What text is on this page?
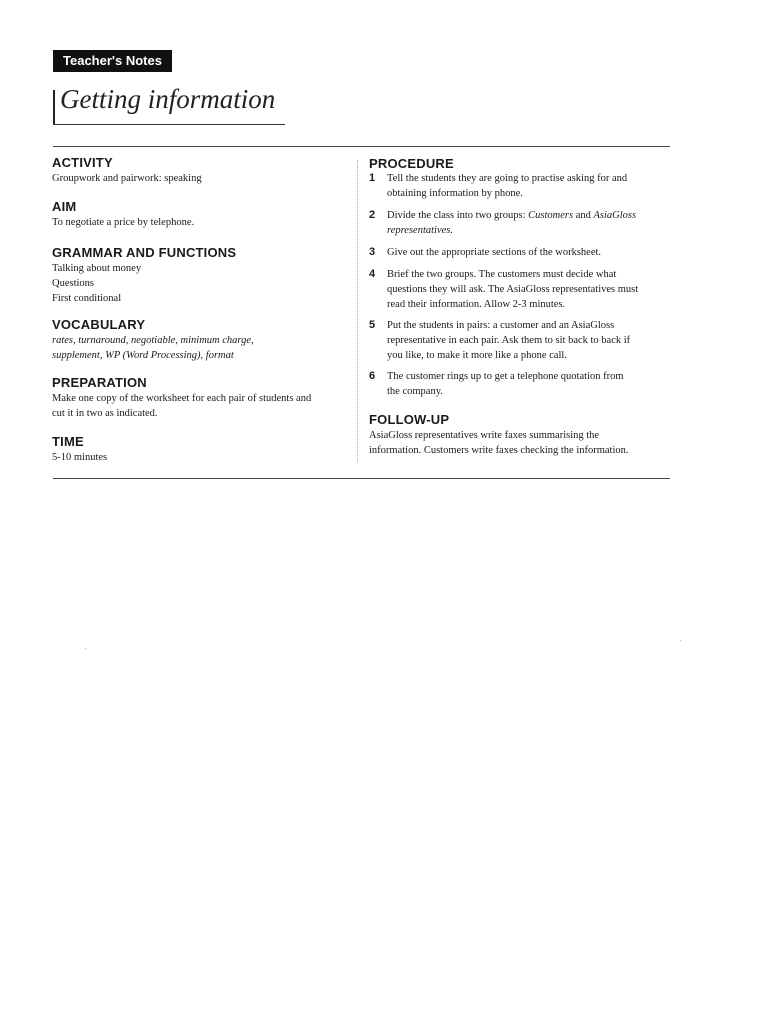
Teacher's Notes
Getting information
ACTIVITY

Groupwork and pairwork: speaking

AIM

To negotiate a price by telephone.

GRAMMAR AND FUNCTIONS

Talking about money
Questions
First conditional

VOCABULARY

rates, turnaround, negotiable, minimum charge,
supplement, WP (Word Processing), format

PREPARATION

Make one copy of the worksheet for each pair of students and
cut it in two as indicated.

TIME

5-10 minutes

PROCEDURE
1 Tell the students they are going to practise asking for and
obtaining information by phone.
2 Divide the class into two groups: Customers and AsiaGloss
representatives.
3 Give out the appropriate sections of the worksheet.
4 Brief the two groups. The customers must decide what
questions they will ask. The AsiaGloss representatives must
read their information. Allow 2-3 minutes.
5 Put the students in pairs: a customer and an AsiaGloss
representative in each pair. Ask them to sit back to back if
you like, to make it more like a phone call.
6 The customer rings up to get a telephone quotation from
the company.
FOLLOW-UP

AsiaGloss representatives write faxes summarising the
information. Customers write faxes checking the information.
